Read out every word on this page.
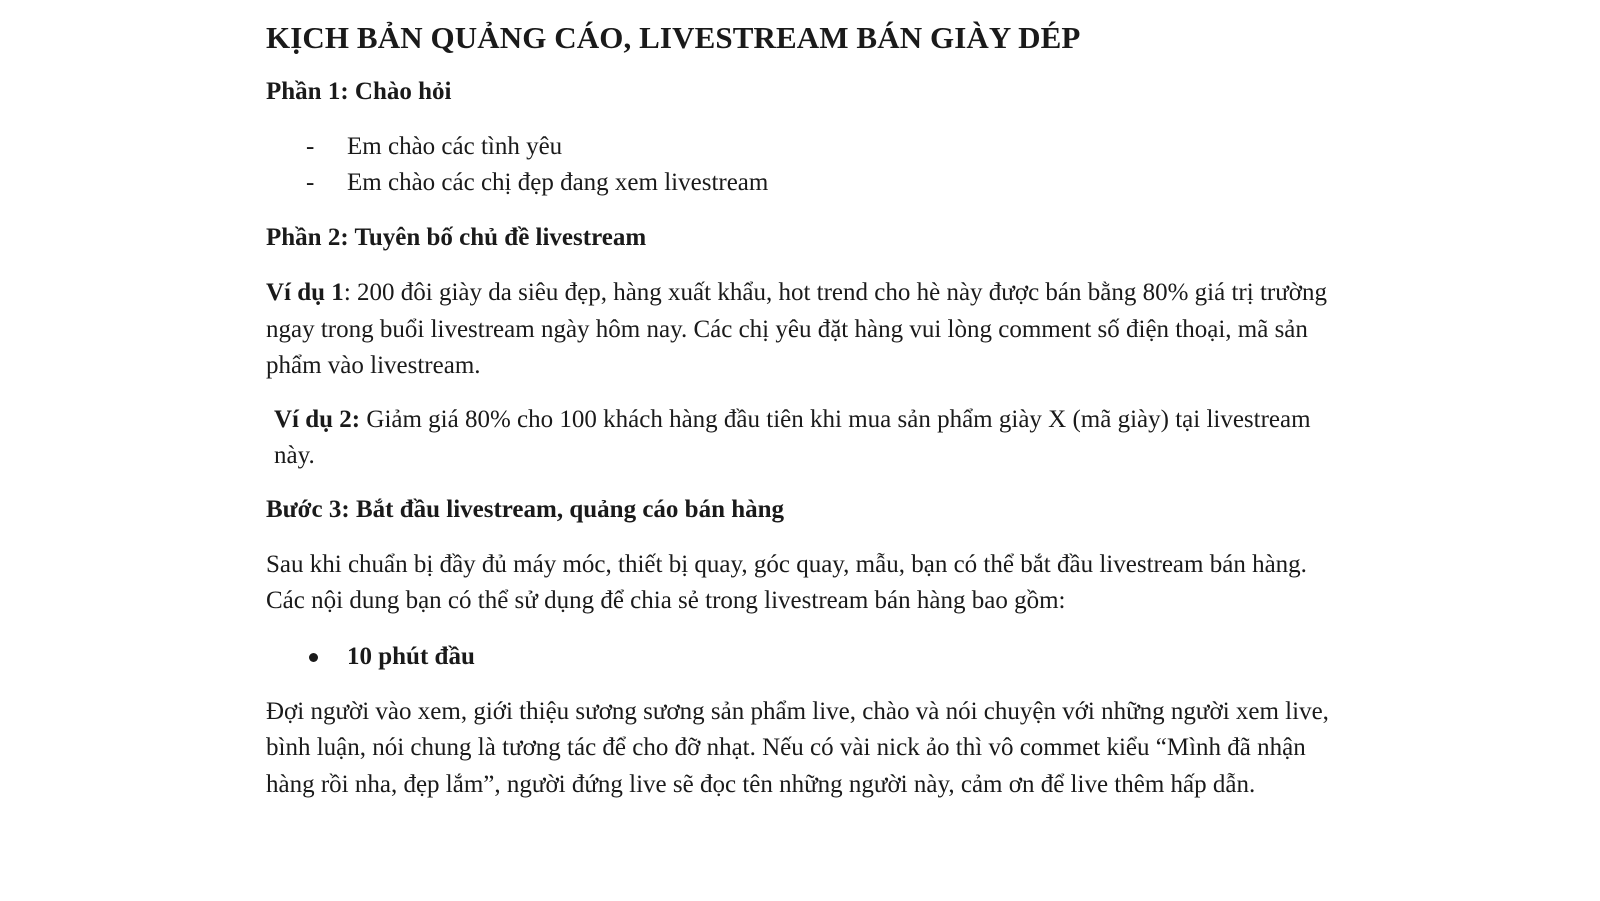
KỊCH BẢN QUẢNG CÁO, LIVESTREAM BÁN GIÀY DÉP

Phần 1: Chào hỏi

- Em chào các tình yêu
- Em chào các chị đẹp đang xem livestream

Phần 2: Tuyên bố chủ đề livestream

Ví dụ 1: 200 đôi giày da siêu đẹp, hàng xuất khẩu, hot trend cho hè này được bán bằng 80% giá trị trường ngay trong buổi livestream ngày hôm nay. Các chị yêu đặt hàng vui lòng comment số điện thoại, mã sản phẩm vào livestream.

Ví dụ 2: Giảm giá 80% cho 100 khách hàng đầu tiên khi mua sản phẩm giày X (mã giày) tại livestream này.

Bước 3: Bắt đầu livestream, quảng cáo bán hàng

Sau khi chuẩn bị đầy đủ máy móc, thiết bị quay, góc quay, mẫu, bạn có thể bắt đầu livestream bán hàng. Các nội dung bạn có thể sử dụng để chia sẻ trong livestream bán hàng bao gồm:

10 phút đầu

Đợi người vào xem, giới thiệu sương sương sản phẩm live, chào và nói chuyện với những người xem live, bình luận, nói chung là tương tác để cho đỡ nhạt. Nếu có vài nick ảo thì vô commet kiểu “Mình đã nhận hàng rồi nha, đẹp lắm”, người đứng live sẽ đọc tên những người này, cảm ơn để live thêm hấp dẫn.
